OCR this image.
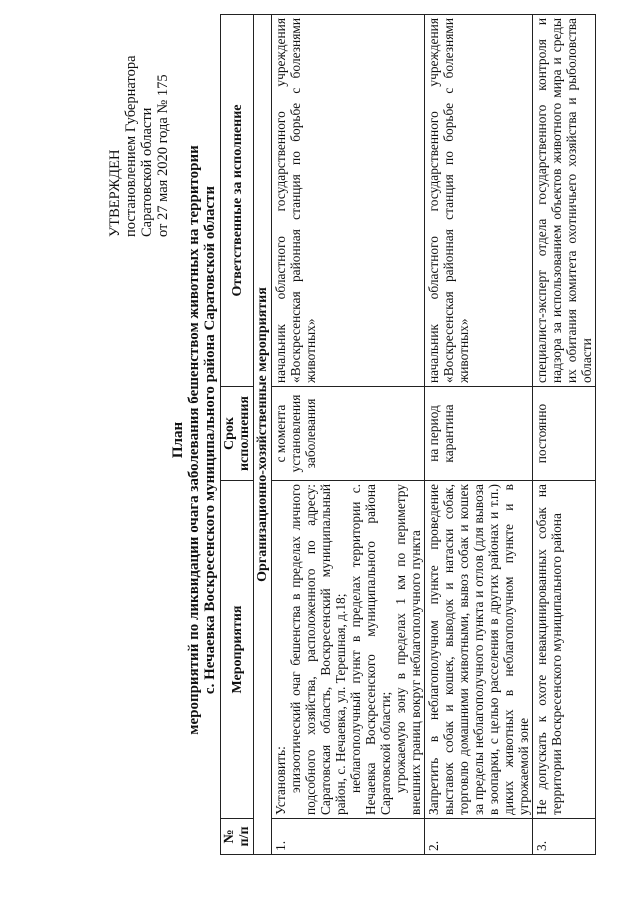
УТВЕРЖДЕН постановлением Губернатора Саратовской области от 27 мая 2020 года № 175
План мероприятий по ликвидации очага заболевания бешенством животных на территории с. Нечаевка Воскресенского муниципального района Саратовской области
№ п/п	Мероприятия	Срок исполнения	Ответственные за исполнение
Организационно-хозяйственные мероприятия			
1.	Установить: эпизоотический очаг бешенства в пределах личного подсобного хозяйства, расположенного по адресу: Саратовская область, Воскресенский муниципальный район, с. Нечаевка, ул. Терешная, д.18; неблагополучный пункт в пределах территории с. Нечаевка Воскресенского муниципального района Саратовской области; угрожаемую зону в пределах 1 км по периметру внешних границ вокруг неблагополучного пункта	с момента установления заболевания	начальник областного государственного учреждения «Воскресенская районная станция по борьбе с болезнями животных»
2.	Запретить в неблагополучном пункте проведение выставок собак и кошек, выводок и натаски собак, торговлю домашними животными, вывоз собак и кошек за пределы неблагополучного пункта и отлов (для вывоза в зоопарки, с целью расселения в других районах и т.п.) диких животных в неблагополучном пункте и в угрожаемой зоне	на период карантина	начальник областного государственного учреждения «Воскресенская районная станция по борьбе с болезнями животных»
3.	Не допускать к охоте невакцинированных собак на территории Воскресенского муниципального района	постоянно	специалист-эксперт отдела государственного контроля и надзора за использованием объектов животного мира и среды их обитания комитета охотничьего хозяйства и рыболовства области
